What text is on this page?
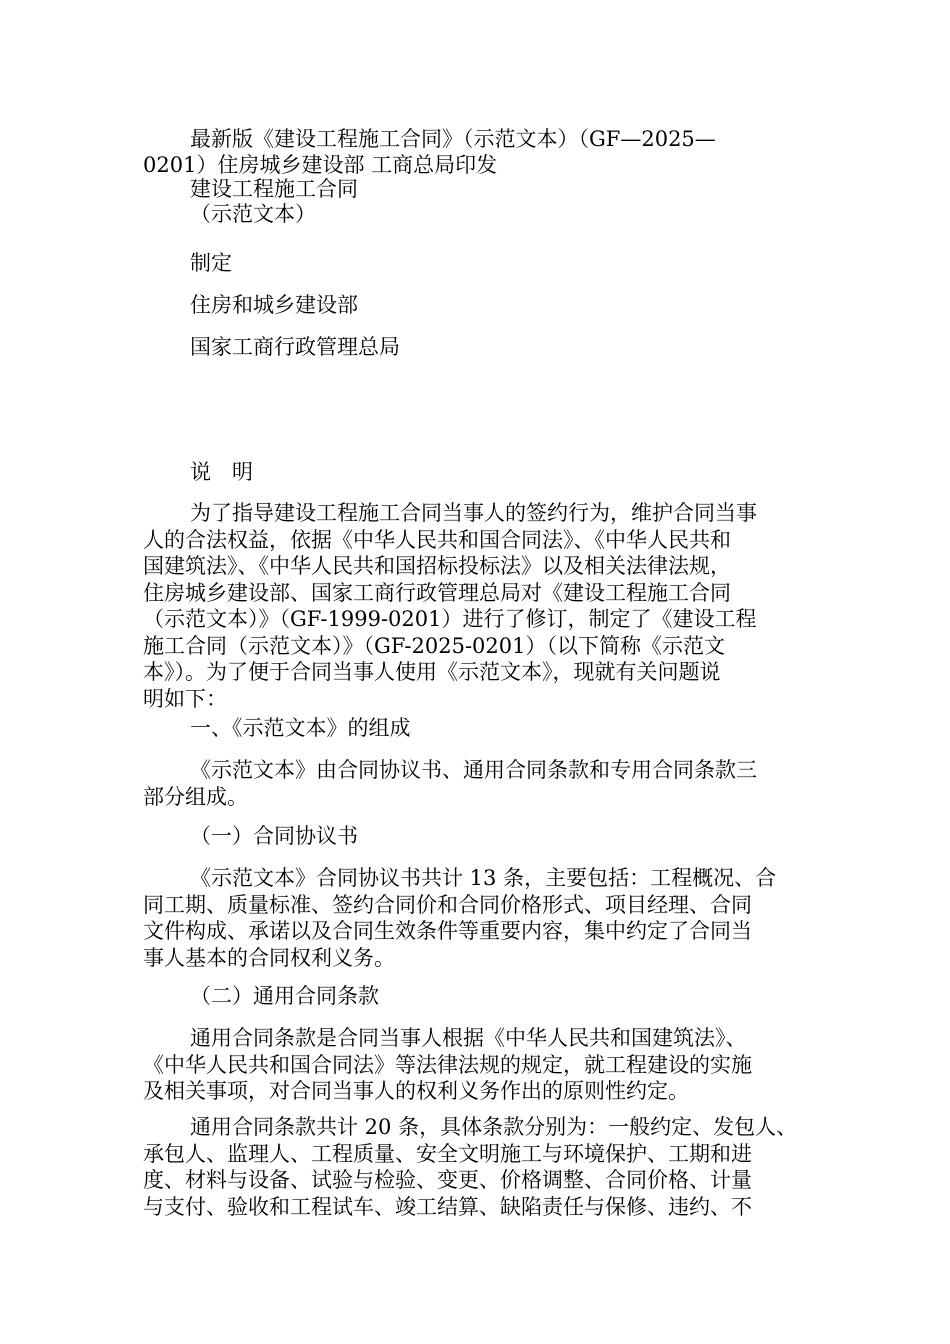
最新版《建设工程施工合同》（示范文本）（GF—2025—
0201）住房城乡建设部 工商总局印发
建设工程施工合同
（示范文本）
制定
住房和城乡建设部
国家工商行政管理总局
说　明
为了指导建设工程施工合同当事人的签约行为，维护合同当事
人的合法权益，依据《中华人民共和国合同法》、《中华人民共和
国建筑法》、《中华人民共和国招标投标法》以及相关法律法规，
住房城乡建设部、国家工商行政管理总局对《建设工程施工合同
（示范文本）》（GF-1999-0201）进行了修订，制定了《建设工程
施工合同（示范文本）》（GF-2025-0201）（以下简称《示范文
本》）。为了便于合同当事人使用《示范文本》，现就有关问题说
明如下：
一、《示范文本》的组成
《示范文本》由合同协议书、通用合同条款和专用合同条款三
部分组成。
（一）合同协议书
《示范文本》合同协议书共计 13 条，主要包括：工程概况、合
同工期、质量标准、签约合同价和合同价格形式、项目经理、合同
文件构成、承诺以及合同生效条件等重要内容，集中约定了合同当
事人基本的合同权利义务。
（二）通用合同条款
通用合同条款是合同当事人根据《中华人民共和国建筑法》、
《中华人民共和国合同法》等法律法规的规定，就工程建设的实施
及相关事项，对合同当事人的权利义务作出的原则性约定。
通用合同条款共计 20 条，具体条款分别为：一般约定、发包人、
承包人、监理人、工程质量、安全文明施工与环境保护、工期和进
度、材料与设备、试验与检验、变更、价格调整、合同价格、计量
与支付、验收和工程试车、竣工结算、缺陷责任与保修、违约、不
